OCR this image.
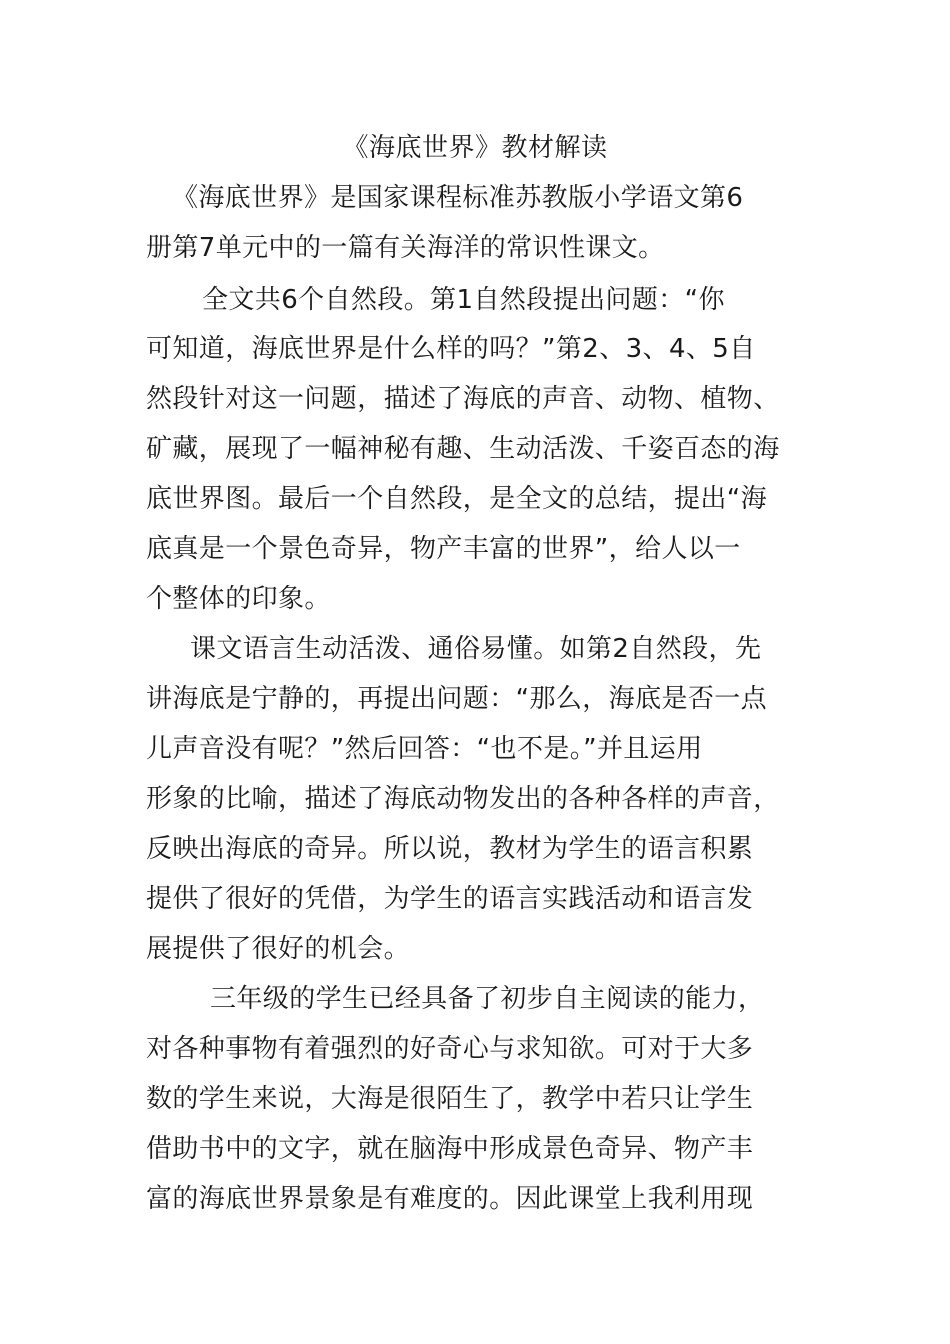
《海底世界》教材解读
《海底世界》是国家课程标准苏教版小学语文第6
册第7单元中的一篇有关海洋的常识性课文。
全文共6个自然段。第1自然段提出问题：“你
可知道，海底世界是什么样的吗？”第2、3、4、5自
然段针对这一问题，描述了海底的声音、动物、植物、
矿藏，展现了一幅神秘有趣、生动活泼、千姿百态的海
底世界图。最后一个自然段，是全文的总结，提出“海
底真是一个景色奇异，物产丰富的世界”，给人以一
个整体的印象。
课文语言生动活泼、通俗易懂。如第2自然段，先
讲海底是宁静的，再提出问题：“那么，海底是否一点
儿声音没有呢？”然后回答：“也不是。”并且运用
形象的比喻，描述了海底动物发出的各种各样的声音，
反映出海底的奇异。所以说，教材为学生的语言积累
提供了很好的凭借，为学生的语言实践活动和语言发
展提供了很好的机会。
三年级的学生已经具备了初步自主阅读的能力，
对各种事物有着强烈的好奇心与求知欲。可对于大多
数的学生来说，大海是很陌生了，教学中若只让学生
借助书中的文字，就在脑海中形成景色奇异、物产丰
富的海底世界景象是有难度的。因此课堂上我利用现
